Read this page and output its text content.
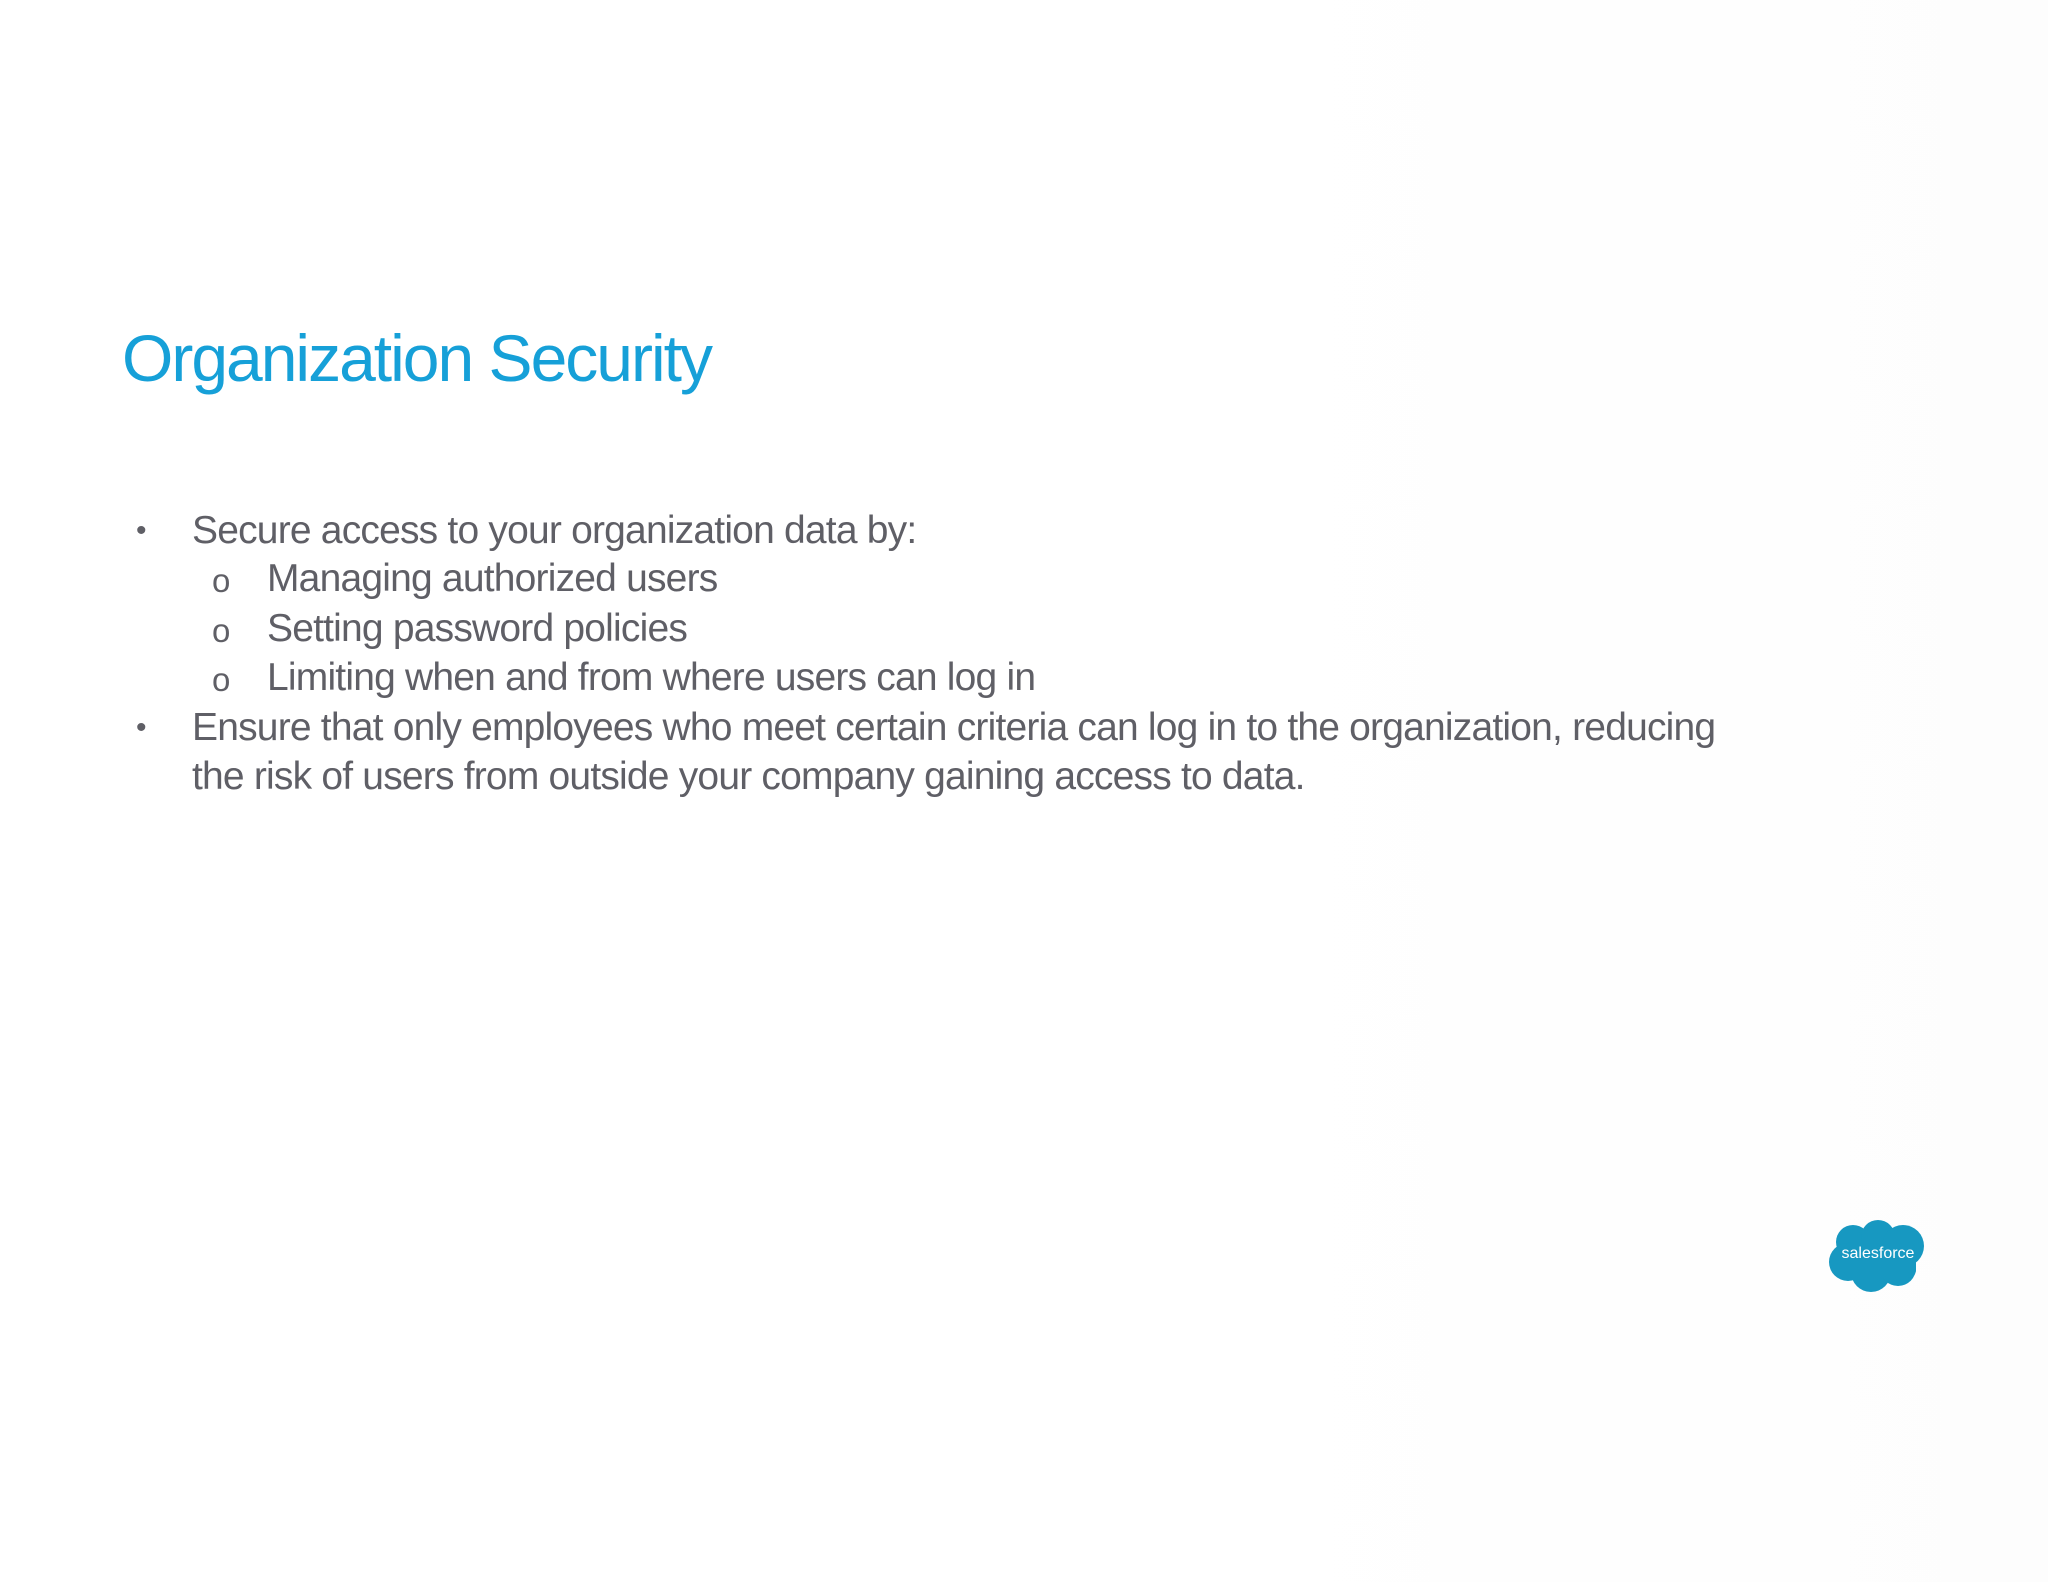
Organization Security
• Secure access to your organization data by:
o Managing authorized users
o Setting password policies
o Limiting when and from where users can log in
• Ensure that only employees who meet certain criteria can log in to the organization, reducing
the risk of users from outside your company gaining access to data.
salesforce
